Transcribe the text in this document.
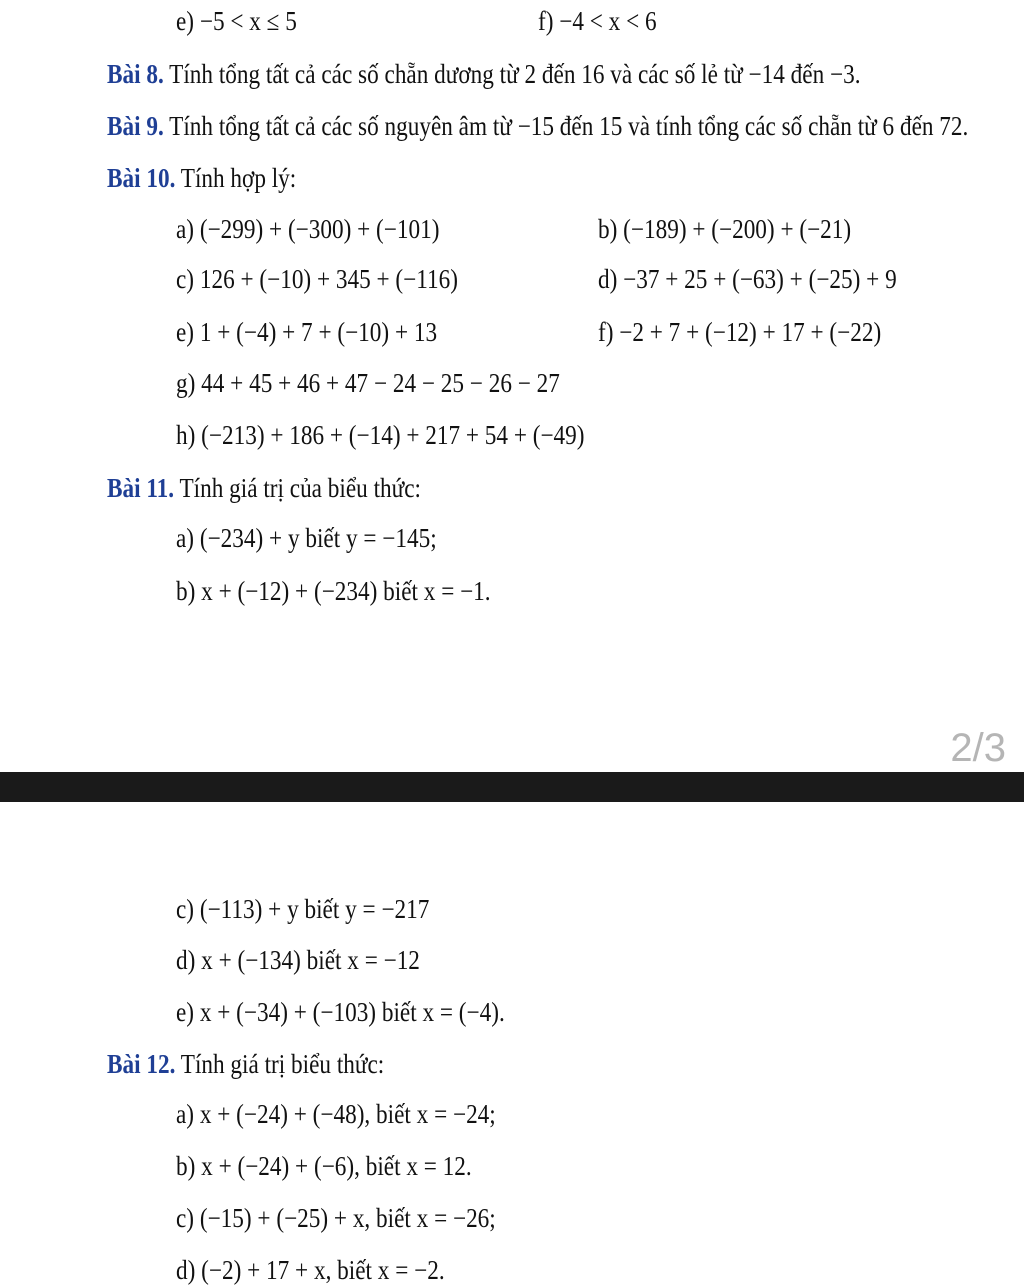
e) −5 < x ≤ 5	f) −4 < x < 6
Bài 8. Tính tổng tất cả các số chẵn dương từ 2 đến 16 và các số lẻ từ −14 đến −3.
Bài 9. Tính tổng tất cả các số nguyên âm từ −15 đến 15 và tính tổng các số chẵn từ 6 đến 72.
Bài 10. Tính hợp lý:
a) (−299) + (−300) + (−101)	b) (−189) + (−200) + (−21)
c) 126 + (−10) + 345 + (−116)	d) −37 + 25 + (−63) + (−25) + 9
e) 1 + (−4) + 7 + (−10) + 13	f) −2 + 7 + (−12) + 17 + (−22)
g) 44 + 45 + 46 + 47 − 24 − 25 − 26 − 27
h) (−213) + 186 + (−14) + 217 + 54 + (−49)
Bài 11. Tính giá trị của biểu thức:
a) (−234) + y biết y = −145;
b) x + (−12) + (−234) biết x = −1.
2/3
c) (−113) + y biết y = −217
d) x + (−134) biết x = −12
e) x + (−34) + (−103) biết x = (−4).
Bài 12. Tính giá trị biểu thức:
a) x + (−24) + (−48), biết x = −24;
b) x + (−24) + (−6), biết x = 12.
c) (−15) + (−25) + x, biết x = −26;
d) (−2) + 17 + x, biết x = −2.
